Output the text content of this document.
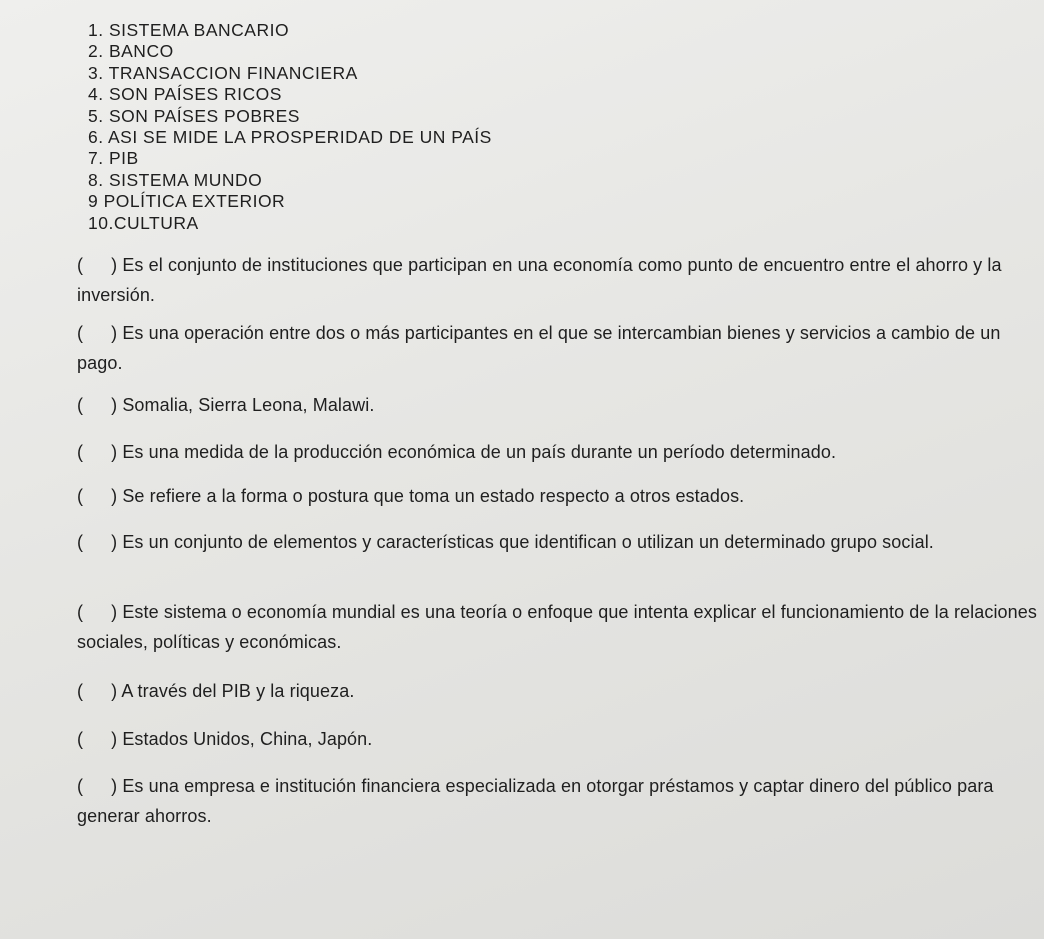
1. SISTEMA BANCARIO
2. BANCO
3. TRANSACCION FINANCIERA
4. SON PAÍSES RICOS
5. SON PAÍSES POBRES
6. ASI SE MIDE LA PROSPERIDAD DE UN PAÍS
7. PIB
8. SISTEMA MUNDO
9 POLÍTICA EXTERIOR
10.CULTURA
( ) Es el conjunto de instituciones que participan en una economía como punto de encuentro entre el ahorro y la inversión.
( ) Es una operación entre dos o más participantes en el que se intercambian bienes y servicios a cambio de un pago.
( ) Somalia, Sierra Leona, Malawi.
( ) Es una medida de la producción económica de un país durante un período determinado.
( ) Se refiere a la forma o postura que toma un estado respecto a otros estados.
( ) Es un conjunto de elementos y características que identifican o utilizan un determinado grupo social.
( ) Este sistema o economía mundial es una teoría o enfoque que intenta explicar el funcionamiento de la relaciones sociales, políticas y económicas.
( ) A través del PIB y la riqueza.
( ) Estados Unidos, China, Japón.
( ) Es una empresa e institución financiera especializada en otorgar préstamos y captar dinero del público para generar ahorros.
